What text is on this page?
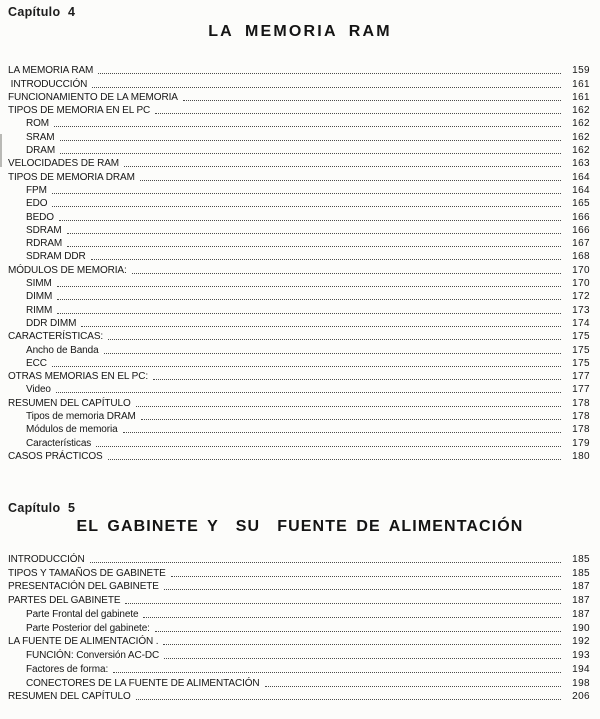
Capítulo  4
LA MEMORIA RAM
LA MEMORIA RAM	159
INTRODUCCIÓN	161
FUNCIONAMIENTO DE LA MEMORIA	161
TIPOS DE MEMORIA EN EL PC	162
ROM	162
SRAM	162
DRAM	162
VELOCIDADES DE RAM	163
TIPOS DE MEMORIA DRAM	164
FPM	164
EDO	165
BEDO	166
SDRAM	166
RDRAM	167
SDRAM DDR	168
MÓDULOS DE MEMORIA:	170
SIMM	170
DIMM	172
RIMM	173
DDR DIMM	174
CARACTERÍSTICAS:	175
Ancho de Banda	175
ECC	175
OTRAS MEMORIAS EN EL PC:	177
Video	177
RESUMEN DEL CAPÍTULO	178
Tipos de memoria DRAM	178
Módulos de memoria	178
Características	179
CASOS PRÁCTICOS	180
Capítulo  5
EL GABINETE Y  SU  FUENTE DE ALIMENTACIÓN
INTRODUCCIÓN	185
TIPOS Y TAMAÑOS DE GABINETE	185
PRESENTACIÓN DEL GABINETE	187
PARTES DEL GABINETE	187
Parte Frontal del gabinete	187
Parte Posterior del gabinete:	190
LA FUENTE DE ALIMENTACIÓN .	192
FUNCIÓN: Conversión AC-DC	193
Factores de forma:	194
CONECTORES DE LA FUENTE DE ALIMENTACIÓN	198
RESUMEN DEL CAPÍTULO	206
